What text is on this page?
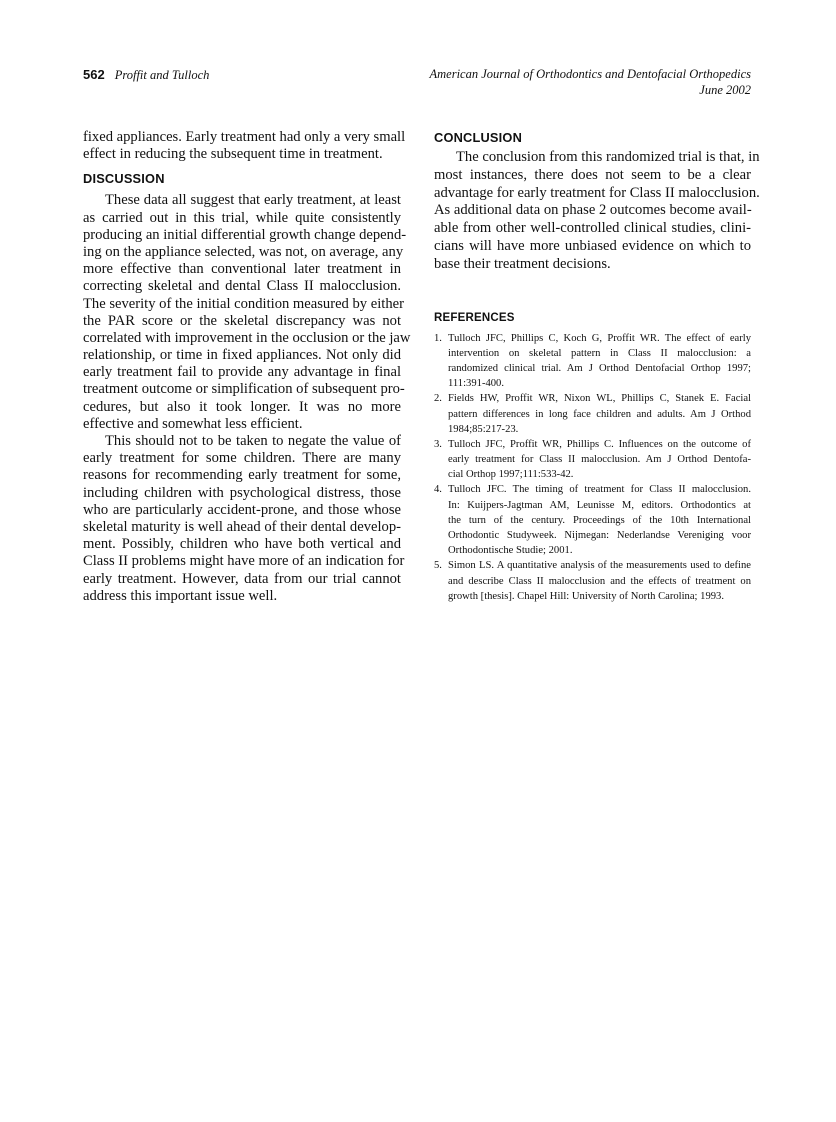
562 Proffit and Tulloch	American Journal of Orthodontics and Dentofacial Orthopedics
June 2002
fixed appliances. Early treatment had only a very small
effect in reducing the subsequent time in treatment.
DISCUSSION
These data all suggest that early treatment, at least
as carried out in this trial, while quite consistently
producing an initial differential growth change depend-
ing on the appliance selected, was not, on average, any
more effective than conventional later treatment in
correcting skeletal and dental Class II malocclusion.
The severity of the initial condition measured by either
the PAR score or the skeletal discrepancy was not
correlated with improvement in the occlusion or the jaw
relationship, or time in fixed appliances. Not only did
early treatment fail to provide any advantage in final
treatment outcome or simplification of subsequent pro-
cedures, but also it took longer. It was no more
effective and somewhat less efficient.
This should not to be taken to negate the value of
early treatment for some children. There are many
reasons for recommending early treatment for some,
including children with psychological distress, those
who are particularly accident-prone, and those whose
skeletal maturity is well ahead of their dental develop-
ment. Possibly, children who have both vertical and
Class II problems might have more of an indication for
early treatment. However, data from our trial cannot
address this important issue well.
CONCLUSION
The conclusion from this randomized trial is that, in
most instances, there does not seem to be a clear
advantage for early treatment for Class II malocclusion.
As additional data on phase 2 outcomes become avail-
able from other well-controlled clinical studies, clini-
cians will have more unbiased evidence on which to
base their treatment decisions.
REFERENCES
1. Tulloch JFC, Phillips C, Koch G, Proffit WR. The effect of early
intervention on skeletal pattern in Class II malocclusion: a
randomized clinical trial. Am J Orthod Dentofacial Orthop 1997;
111:391-400.
2. Fields HW, Proffit WR, Nixon WL, Phillips C, Stanek E. Facial
pattern differences in long face children and adults. Am J Orthod
1984;85:217-23.
3. Tulloch JFC, Proffit WR, Phillips C. Influences on the outcome of
early treatment for Class II malocclusion. Am J Orthod Dentofa-
cial Orthop 1997;111:533-42.
4. Tulloch JFC. The timing of treatment for Class II malocclusion.
In: Kuijpers-Jagtman AM, Leunisse M, editors. Orthodontics at
the turn of the century. Proceedings of the 10th International
Orthodontic Studyweek. Nijmegan: Nederlandse Vereniging voor
Orthodontische Studie; 2001.
5. Simon LS. A quantitative analysis of the measurements used to define
and describe Class II malocclusion and the effects of treatment on
growth [thesis]. Chapel Hill: University of North Carolina; 1993.
